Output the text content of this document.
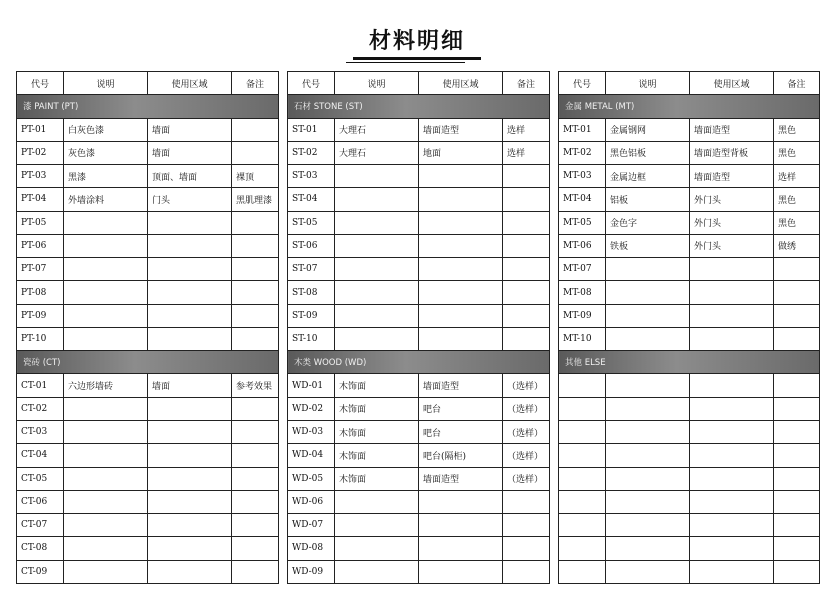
材料明细
代号	说明	使用区域	备注
漆 PAINT (PT)			
PT-01	白灰色漆	墙面	
PT-02	灰色漆	墙面	
PT-03	黑漆	顶面、墙面	裸顶
PT-04	外墙涂料	门头	黑肌理漆
PT-05			
PT-06			
PT-07			
PT-08			
PT-09			
PT-10			
瓷砖 (CT)			
CT-01	六边形墙砖	墙面	参考效果
CT-02			
CT-03			
CT-04			
CT-05			
CT-06			
CT-07			
CT-08			
CT-09			
代号	说明	使用区域	备注
石材 STONE (ST)			
ST-01	大理石	墙面造型	选样
ST-02	大理石	地面	选样
ST-03			
ST-04			
ST-05			
ST-06			
ST-07			
ST-08			
ST-09			
ST-10			
木类 WOOD (WD)			
WD-01	木饰面	墙面造型	（选样）
WD-02	木饰面	吧台	（选样）
WD-03	木饰面	吧台	（选样）
WD-04	木饰面	吧台(隔柜)	（选样）
WD-05	木饰面	墙面造型	（选样）
WD-06			
WD-07			
WD-08			
WD-09			
代号	说明	使用区域	备注
金属 METAL (MT)			
MT-01	金属钢网	墙面造型	黑色
MT-02	黑色铝板	墙面造型背板	黑色
MT-03	金属边框	墙面造型	选样
MT-04	铝板	外门头	黑色
MT-05	金色字	外门头	黑色
MT-06	铁板	外门头	做绣
MT-07			
MT-08			
MT-09			
MT-10			
其他 ELSE			
